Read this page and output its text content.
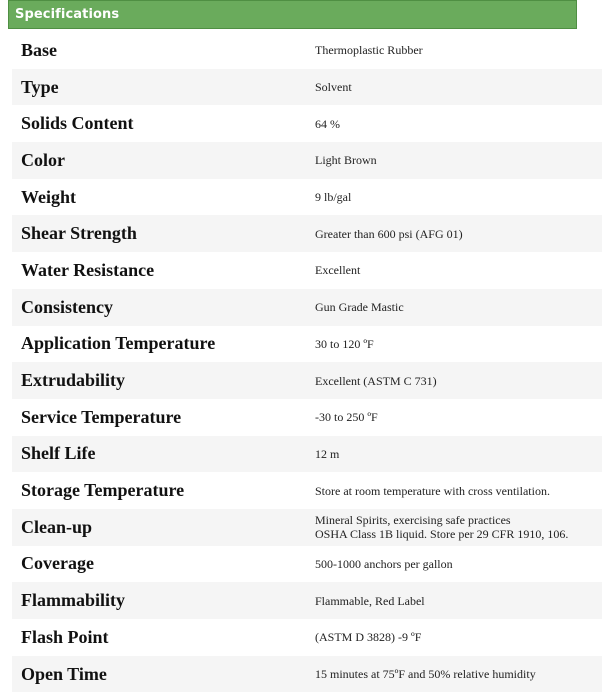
Specifications
Base	Thermoplastic Rubber
Type	Solvent
Solids Content	64 %
Color	Light Brown
Weight	9 lb/gal
Shear Strength	Greater than 600 psi (AFG 01)
Water Resistance	Excellent
Consistency	Gun Grade Mastic
Application Temperature	30 to 120 ºF
Extrudability	Excellent (ASTM C 731)
Service Temperature	-30 to 250 ºF
Shelf Life	12 m
Storage Temperature	Store at room temperature with cross ventilation.
Clean-up	Mineral Spirits, exercising safe practices
OSHA Class 1B liquid. Store per 29 CFR 1910, 106.
Coverage	500-1000 anchors per gallon
Flammability	Flammable, Red Label
Flash Point	(ASTM D 3828) -9 ºF
Open Time	15 minutes at 75ºF and 50% relative humidity
